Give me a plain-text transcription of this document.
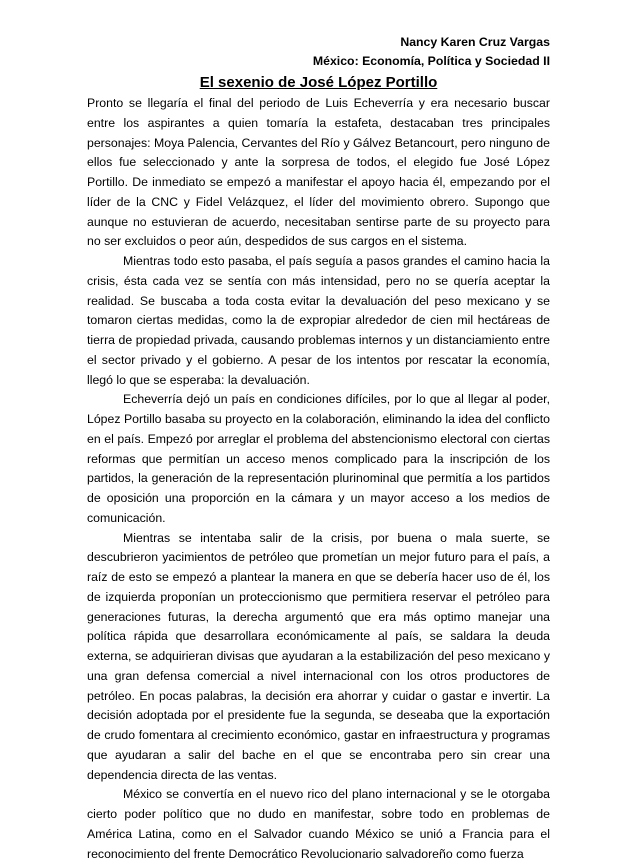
Nancy Karen Cruz Vargas
México: Economía, Política y Sociedad II
El sexenio de José López Portillo

Pronto se llegaría el final del periodo de Luis Echeverría y era necesario buscar entre los aspirantes a quien tomaría la estafeta, destacaban tres principales personajes: Moya Palencia, Cervantes del Río y Gálvez Betancourt, pero ninguno de ellos fue seleccionado y ante la sorpresa de todos, el elegido fue José López Portillo. De inmediato se empezó a manifestar el apoyo hacia él, empezando por el líder de la CNC y Fidel Velázquez, el líder del movimiento obrero. Supongo que aunque no estuvieran de acuerdo, necesitaban sentirse parte de su proyecto para no ser excluidos o peor aún, despedidos de sus cargos en el sistema.

Mientras todo esto pasaba, el país seguía a pasos grandes el camino hacia la crisis, ésta cada vez se sentía con más intensidad, pero no se quería aceptar la realidad. Se buscaba a toda costa evitar la devaluación del peso mexicano y se tomaron ciertas medidas, como la de expropiar alrededor de cien mil hectáreas de tierra de propiedad privada, causando problemas internos y un distanciamiento entre el sector privado y el gobierno. A pesar de los intentos por rescatar la economía, llegó lo que se esperaba: la devaluación.

Echeverría dejó un país en condiciones difíciles, por lo que al llegar al poder, López Portillo basaba su proyecto en la colaboración, eliminando la idea del conflicto en el país. Empezó por arreglar el problema del abstencionismo electoral con ciertas reformas que permitían un acceso menos complicado para la inscripción de los partidos, la generación de la representación plurinominal que permitía a los partidos de oposición una proporción en la cámara y un mayor acceso a los medios de comunicación.

Mientras se intentaba salir de la crisis, por buena o mala suerte, se descubrieron yacimientos de petróleo que prometían un mejor futuro para el país, a raíz de esto se empezó a plantear la manera en que se debería hacer uso de él, los de izquierda proponían un proteccionismo que permitiera reservar el petróleo para generaciones futuras, la derecha argumentó que era más optimo manejar una política rápida que desarrollara económicamente al país, se saldara la deuda externa, se adquirieran divisas que ayudaran a la estabilización del peso mexicano y una gran defensa comercial a nivel internacional con los otros productores de petróleo. En pocas palabras, la decisión era ahorrar y cuidar o gastar e invertir. La decisión adoptada por el presidente fue la segunda, se deseaba que la exportación de crudo fomentara al crecimiento económico, gastar en infraestructura y programas que ayudaran a salir del bache en el que se encontraba pero sin crear una dependencia directa de las ventas.

México se convertía en el nuevo rico del plano internacional y se le otorgaba cierto poder político que no dudo en manifestar, sobre todo en problemas de América Latina, como en el Salvador cuando México se unió a Francia para el reconocimiento del frente Democrático Revolucionario salvadoreño como fuerza
